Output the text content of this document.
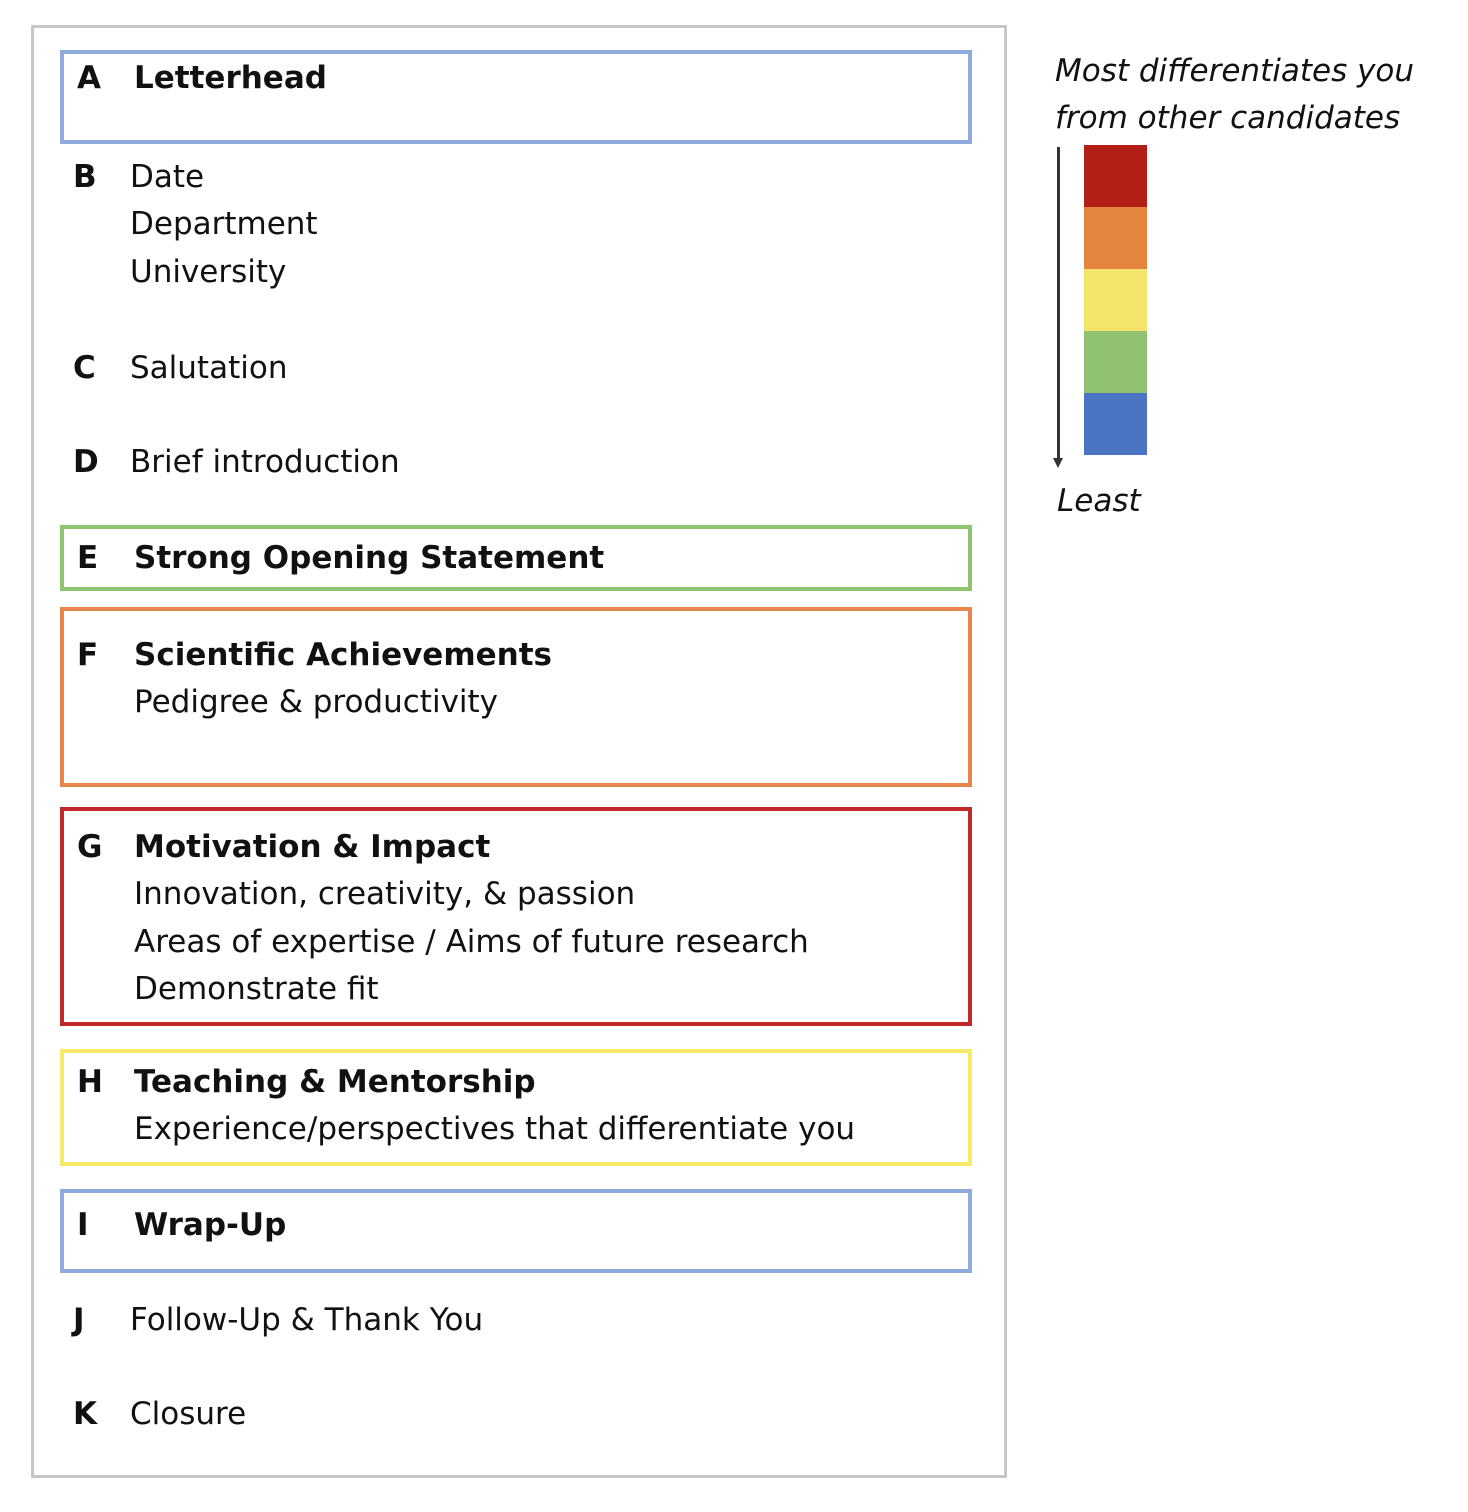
A Letterhead
B Date
Department
University
C Salutation
D Brief introduction
E Strong Opening Statement
F Scientific Achievements
Pedigree & productivity
G Motivation & Impact
Innovation, creativity, & passion
Areas of expertise / Aims of future research
Demonstrate fit
H Teaching & Mentorship
Experience/perspectives that differentiate you
I Wrap-Up
J Follow-Up & Thank You
K Closure
Most differentiates you
from other candidates
Least
